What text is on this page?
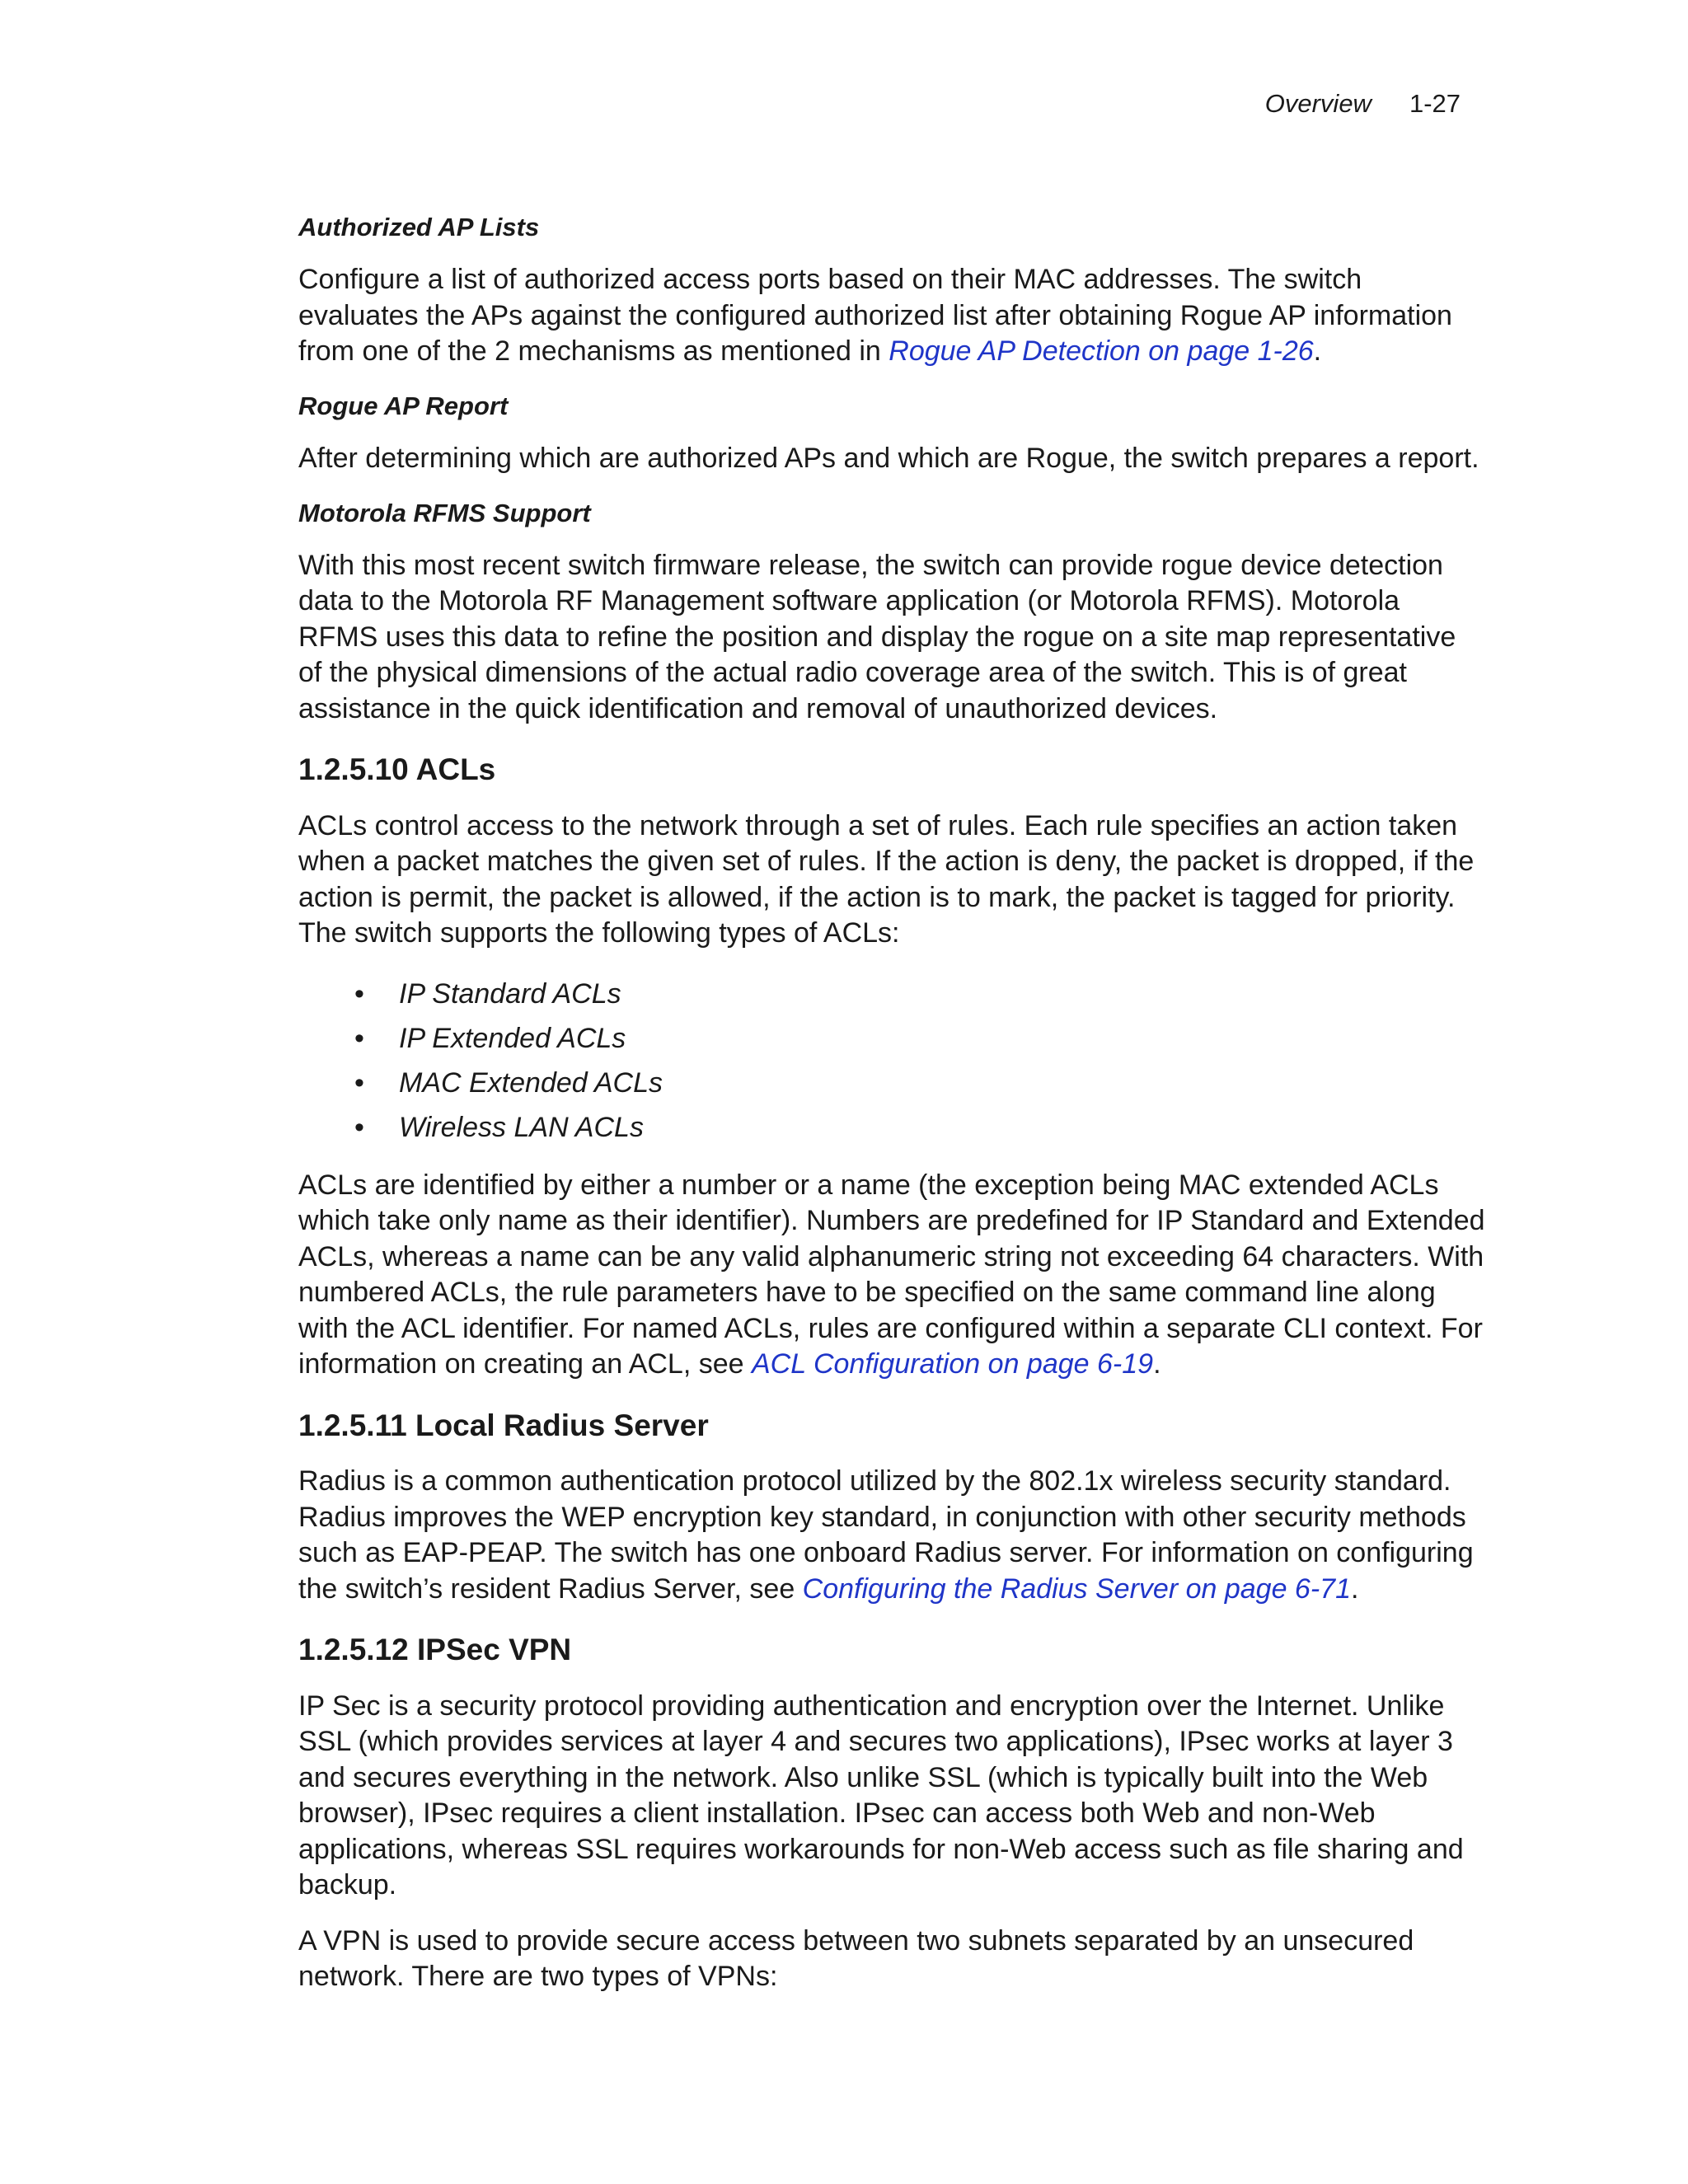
Overview 1-27
Authorized AP Lists

Configure a list of authorized access ports based on their MAC addresses. The switch evaluates the APs against the configured authorized list after obtaining Rogue AP information from one of the 2 mechanisms as mentioned in Rogue AP Detection on page 1-26.

Rogue AP Report

After determining which are authorized APs and which are Rogue, the switch prepares a report.

Motorola RFMS Support

With this most recent switch firmware release, the switch can provide rogue device detection data to the Motorola RF Management software application (or Motorola RFMS). Motorola RFMS uses this data to refine the position and display the rogue on a site map representative of the physical dimensions of the actual radio coverage area of the switch. This is of great assistance in the quick identification and removal of unauthorized devices.

1.2.5.10 ACLs

ACLs control access to the network through a set of rules. Each rule specifies an action taken when a packet matches the given set of rules. If the action is deny, the packet is dropped, if the action is permit, the packet is allowed, if the action is to mark, the packet is tagged for priority. The switch supports the following types of ACLs:

• IP Standard ACLs
• IP Extended ACLs
• MAC Extended ACLs
• Wireless LAN ACLs

ACLs are identified by either a number or a name (the exception being MAC extended ACLs which take only name as their identifier). Numbers are predefined for IP Standard and Extended ACLs, whereas a name can be any valid alphanumeric string not exceeding 64 characters. With numbered ACLs, the rule parameters have to be specified on the same command line along with the ACL identifier. For named ACLs, rules are configured within a separate CLI context. For information on creating an ACL, see ACL Configuration on page 6-19.

1.2.5.11 Local Radius Server

Radius is a common authentication protocol utilized by the 802.1x wireless security standard. Radius improves the WEP encryption key standard, in conjunction with other security methods such as EAP-PEAP. The switch has one onboard Radius server. For information on configuring the switch’s resident Radius Server, see Configuring the Radius Server on page 6-71.

1.2.5.12 IPSec VPN

IP Sec is a security protocol providing authentication and encryption over the Internet. Unlike SSL (which provides services at layer 4 and secures two applications), IPsec works at layer 3 and secures everything in the network. Also unlike SSL (which is typically built into the Web browser), IPsec requires a client installation. IPsec can access both Web and non-Web applications, whereas SSL requires workarounds for non-Web access such as file sharing and backup.

A VPN is used to provide secure access between two subnets separated by an unsecured network. There are two types of VPNs:
